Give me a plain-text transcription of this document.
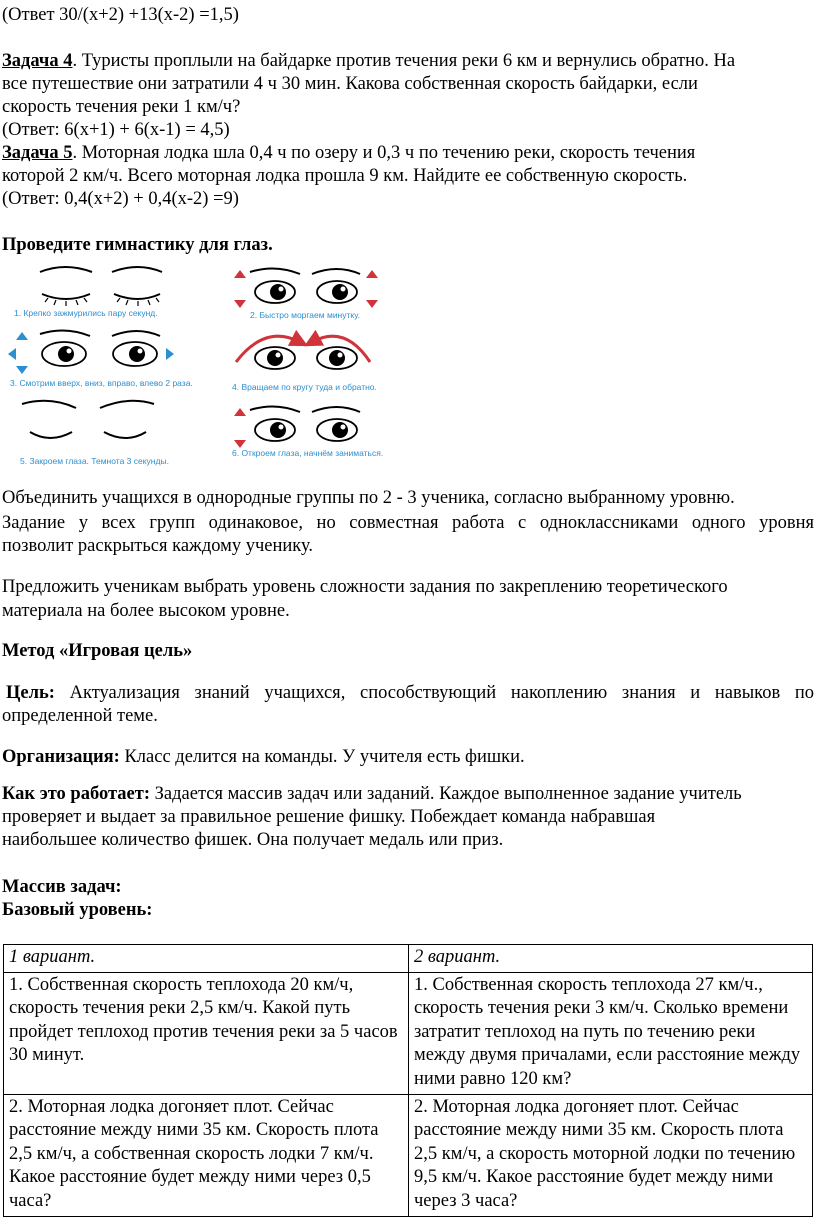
(Ответ 30/(x+2) +13(x-2) =1,5)
Задача 4. Туристы проплыли на байдарке против течения реки 6 км и вернулись обратно. На
все путешествие они затратили 4 ч 30 мин. Какова собственная скорость байдарки, если
скорость течения реки 1 км/ч?
(Ответ: 6(x+1) + 6(x-1) = 4,5)
Задача 5. Моторная лодка шла 0,4 ч по озеру и 0,3 ч по течению реки, скорость течения
которой 2 км/ч. Всего моторная лодка прошла 9 км. Найдите ее собственную скорость.
(Ответ: 0,4(x+2) + 0,4(x-2) =9)
Проведите гимнастику для глаз.
1. Крепко зажмурились пару секунд.	2. Быстро моргаем минутку.
3. Смотрим вверх, вниз, вправо, влево 2 раза.	4. Вращаем по кругу туда и обратно.
5. Закроем глаза. Темнота 3 секунды.
6. Откроем глаза, начнём заниматься.
Объединить учащихся в однородные группы по 2 - 3 ученика, согласно выбранному уровню.
Задание у всех групп одинаковое, но совместная работа с одноклассниками одного уровня
позволит раскрыться каждому ученику.
Предложить ученикам выбрать уровень сложности задания по закреплению теоретического
материала на более высоком уровне.
Метод «Игровая цель»
Цель: Актуализация знаний учащихся, способствующий накоплению знания и навыков по
определенной теме.
Организация: Класс делится на команды. У учителя есть фишки.
Как это работает: Задается массив задач или заданий. Каждое выполненное задание учитель
проверяет и выдает за правильное решение фишку. Побеждает команда набравшая
наибольшее количество фишек. Она получает медаль или приз.
Массив задач:
Базовый уровень:
1 вариант.	2 вариант.
1. Собственная скорость теплохода 20 км/ч, скорость течения реки 2,5 км/ч. Какой путь пройдет теплоход против течения реки за 5 часов 30 минут.	1. Собственная скорость теплохода 27 км/ч., скорость течения реки 3 км/ч. Сколько времени затратит теплоход на путь по течению реки между двумя причалами, если расстояние между ними равно 120 км?
2. Моторная лодка догоняет плот. Сейчас расстояние между ними 35 км. Скорость плота 2,5 км/ч, а собственная скорость лодки 7 км/ч. Какое расстояние будет между ними через 0,5 часа?	2. Моторная лодка догоняет плот. Сейчас расстояние между ними 35 км. Скорость плота 2,5 км/ч, а скорость моторной лодки по течению 9,5 км/ч. Какое расстояние будет между ними через 3 часа?
